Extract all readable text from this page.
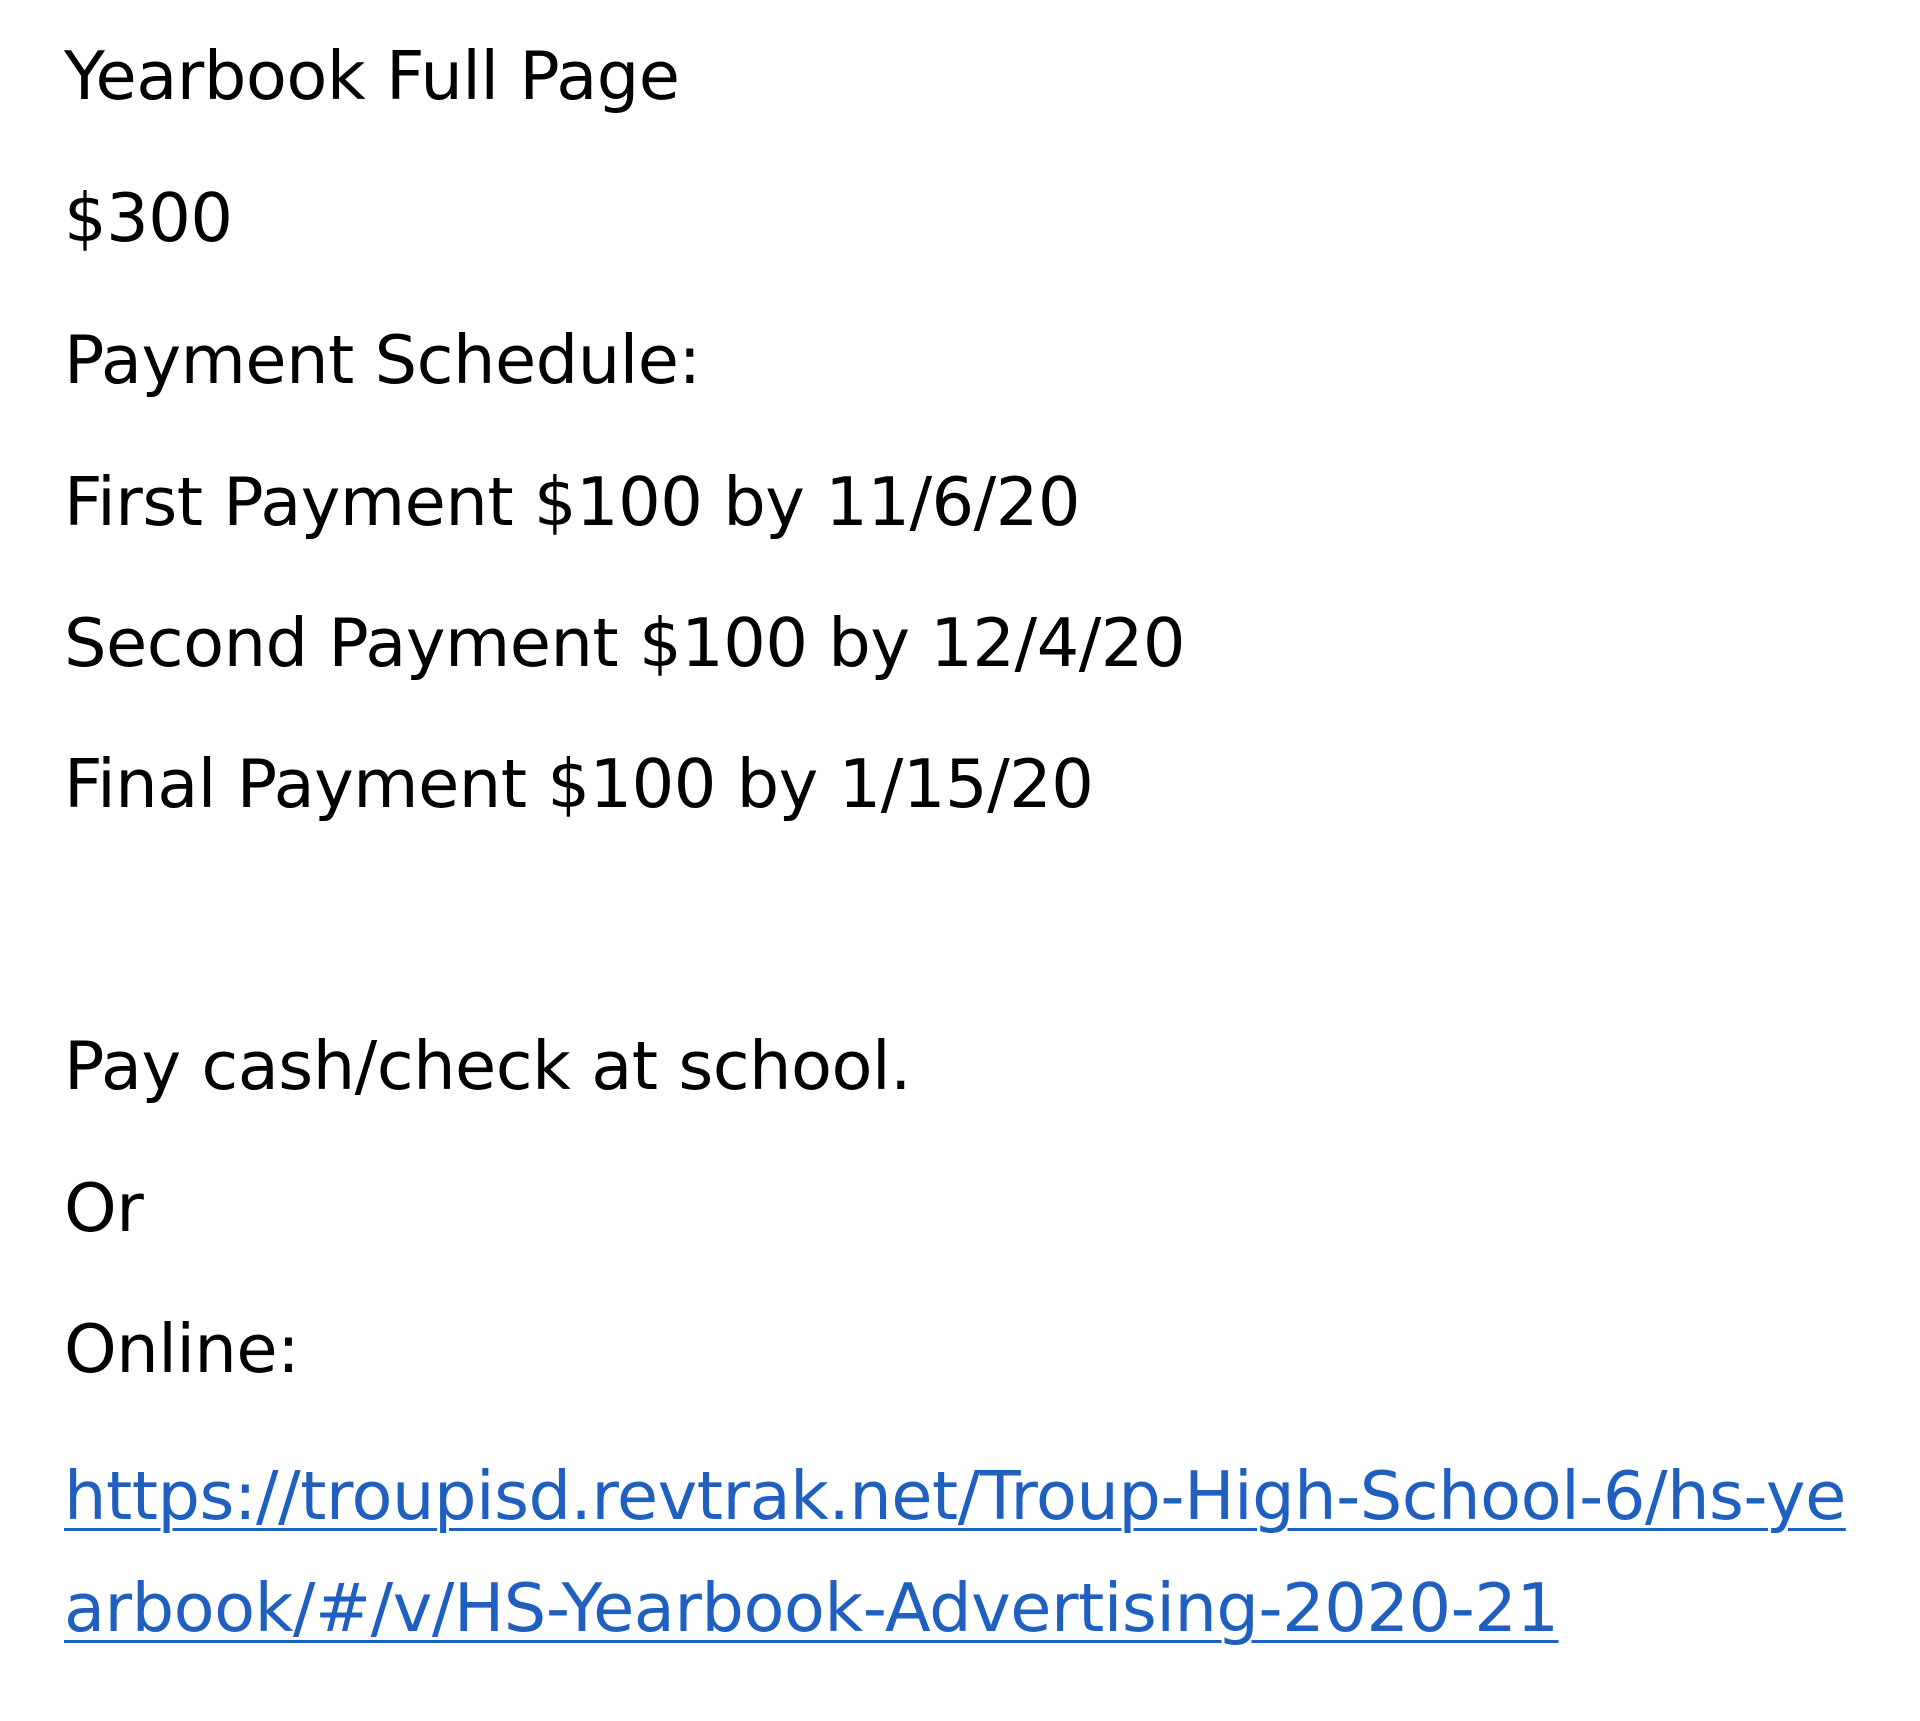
Yearbook Full Page

$300

Payment Schedule:

First Payment $100 by 11/6/20

Second Payment $100 by 12/4/20

Final Payment $100 by 1/15/20

Pay cash/check at school.

Or

Online:

https://troupisd.revtrak.net/Troup-High-School-6/hs-yearbook/#/v/HS-Yearbook-Advertising-2020-21
